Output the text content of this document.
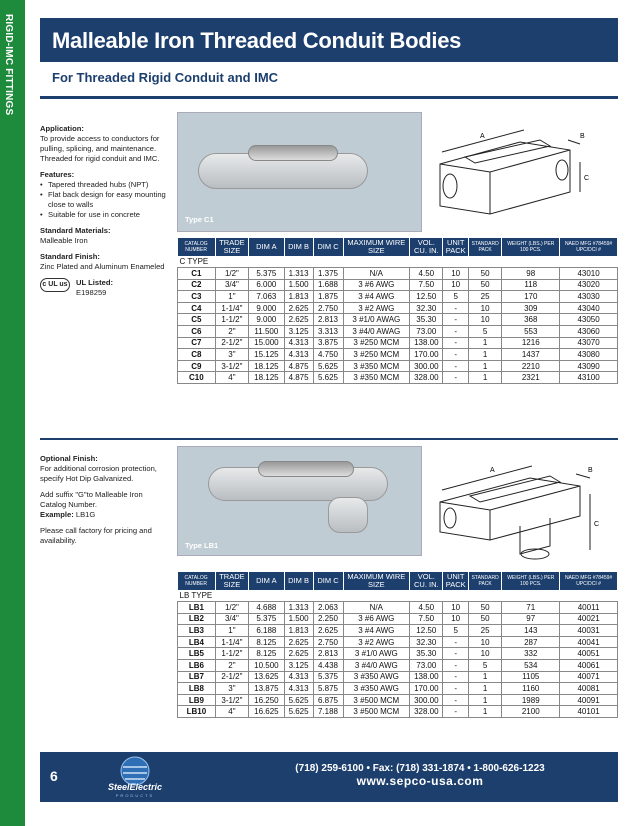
RIGID-IMC FITTINGS	Malleable Iron Threaded Conduit Bodies
For Threaded Rigid Conduit and IMC

Application:
To provide access to conductors for pulling, splicing, and maintenance. Threaded for rigid conduit and IMC.

Features:

• Tapered threaded hubs (NPT)
• Flat back design for easy mounting close to walls
• Suitable for use in concrete

Standard Materials:
Malleable Iron

Standard Finish:
Zinc Plated and Aluminum Enameled

c UL us	UL Listed:
E198259

Optional Finish:
For additional corrosion protection, specify Hot Dip Galvanized.

Add suffix "G"to Malleable Iron Catalog Number.
Example: LB1G

Please call factory for pricing and availability.

Type C1
A	B
C
CATALOG NUMBER	TRADE SIZE	DIM A	DIM B	DIM C	MAXIMUM WIRE SIZE	VOL. CU. IN.	UNIT PACK	STANDARD PACK	WEIGHT (LBS.) PER 100 PCS.	NAED MFG #78459# UPC/DCI #
C TYPE										
C1	1/2"	5.375	1.313	1.375	N/A	4.50	10	50	98	43010
C2	3/4"	6.000	1.500	1.688	3 #6 AWG	7.50	10	50	118	43020
C3	1"	7.063	1.813	1.875	3 #4 AWG	12.50	5	25	170	43030
C4	1-1/4"	9.000	2.625	2.750	3 #2 AWG	32.30	-	10	309	43040
C5	1-1/2"	9.000	2.625	2.813	3 #1/0 AWAG	35.30	-	10	368	43050
C6	2"	11.500	3.125	3.313	3 #4/0 AWAG	73.00	-	5	553	43060
C7	2-1/2"	15.000	4.313	3.875	3 #250 MCM	138.00	-	1	1216	43070
C8	3"	15.125	4.313	4.750	3 #250 MCM	170.00	-	1	1437	43080
C9	3-1/2"	18.125	4.875	5.625	3 #350 MCM	300.00	-	1	2210	43090
C10	4"	18.125	4.875	5.625	3 #350 MCM	328.00	-	1	2321	43100
Type LB1
A	B
C
CATALOG NUMBER	TRADE SIZE	DIM A	DIM B	DIM C	MAXIMUM WIRE SIZE	VOL. CU. IN.	UNIT PACK	STANDARD PACK	WEIGHT (LBS.) PER 100 PCS.	NAED MFG #78459# UPC/DCI #
LB TYPE										
LB1	1/2"	4.688	1.313	2.063	N/A	4.50	10	50	71	40011
LB2	3/4"	5.375	1.500	2.250	3 #6 AWG	7.50	10	50	97	40021
LB3	1"	6.188	1.813	2.625	3 #4 AWG	12.50	5	25	143	40031
LB4	1-1/4"	8.125	2.625	2.750	3 #2 AWG	32.30	-	10	287	40041
LB5	1-1/2"	8.125	2.625	2.813	3 #1/0 AWG	35.30	-	10	332	40051
LB6	2"	10.500	3.125	4.438	3 #4/0 AWG	73.00	-	5	534	40061
LB7	2-1/2"	13.625	4.313	5.375	3 #350 AWG	138.00	-	1	1105	40071
LB8	3"	13.875	4.313	5.875	3 #350 AWG	170.00	-	1	1160	40081
LB9	3-1/2"	16.250	5.625	6.875	3 #500 MCM	300.00	-	1	1989	40091
LB10	4"	16.625	5.625	7.188	3 #500 MCM	328.00	-	1	2100	40101
6
SteelElectric
PRODUCTS
(718) 259-6100 • Fax: (718) 331-1874 • 1-800-626-1223
www.sepco-usa.com
